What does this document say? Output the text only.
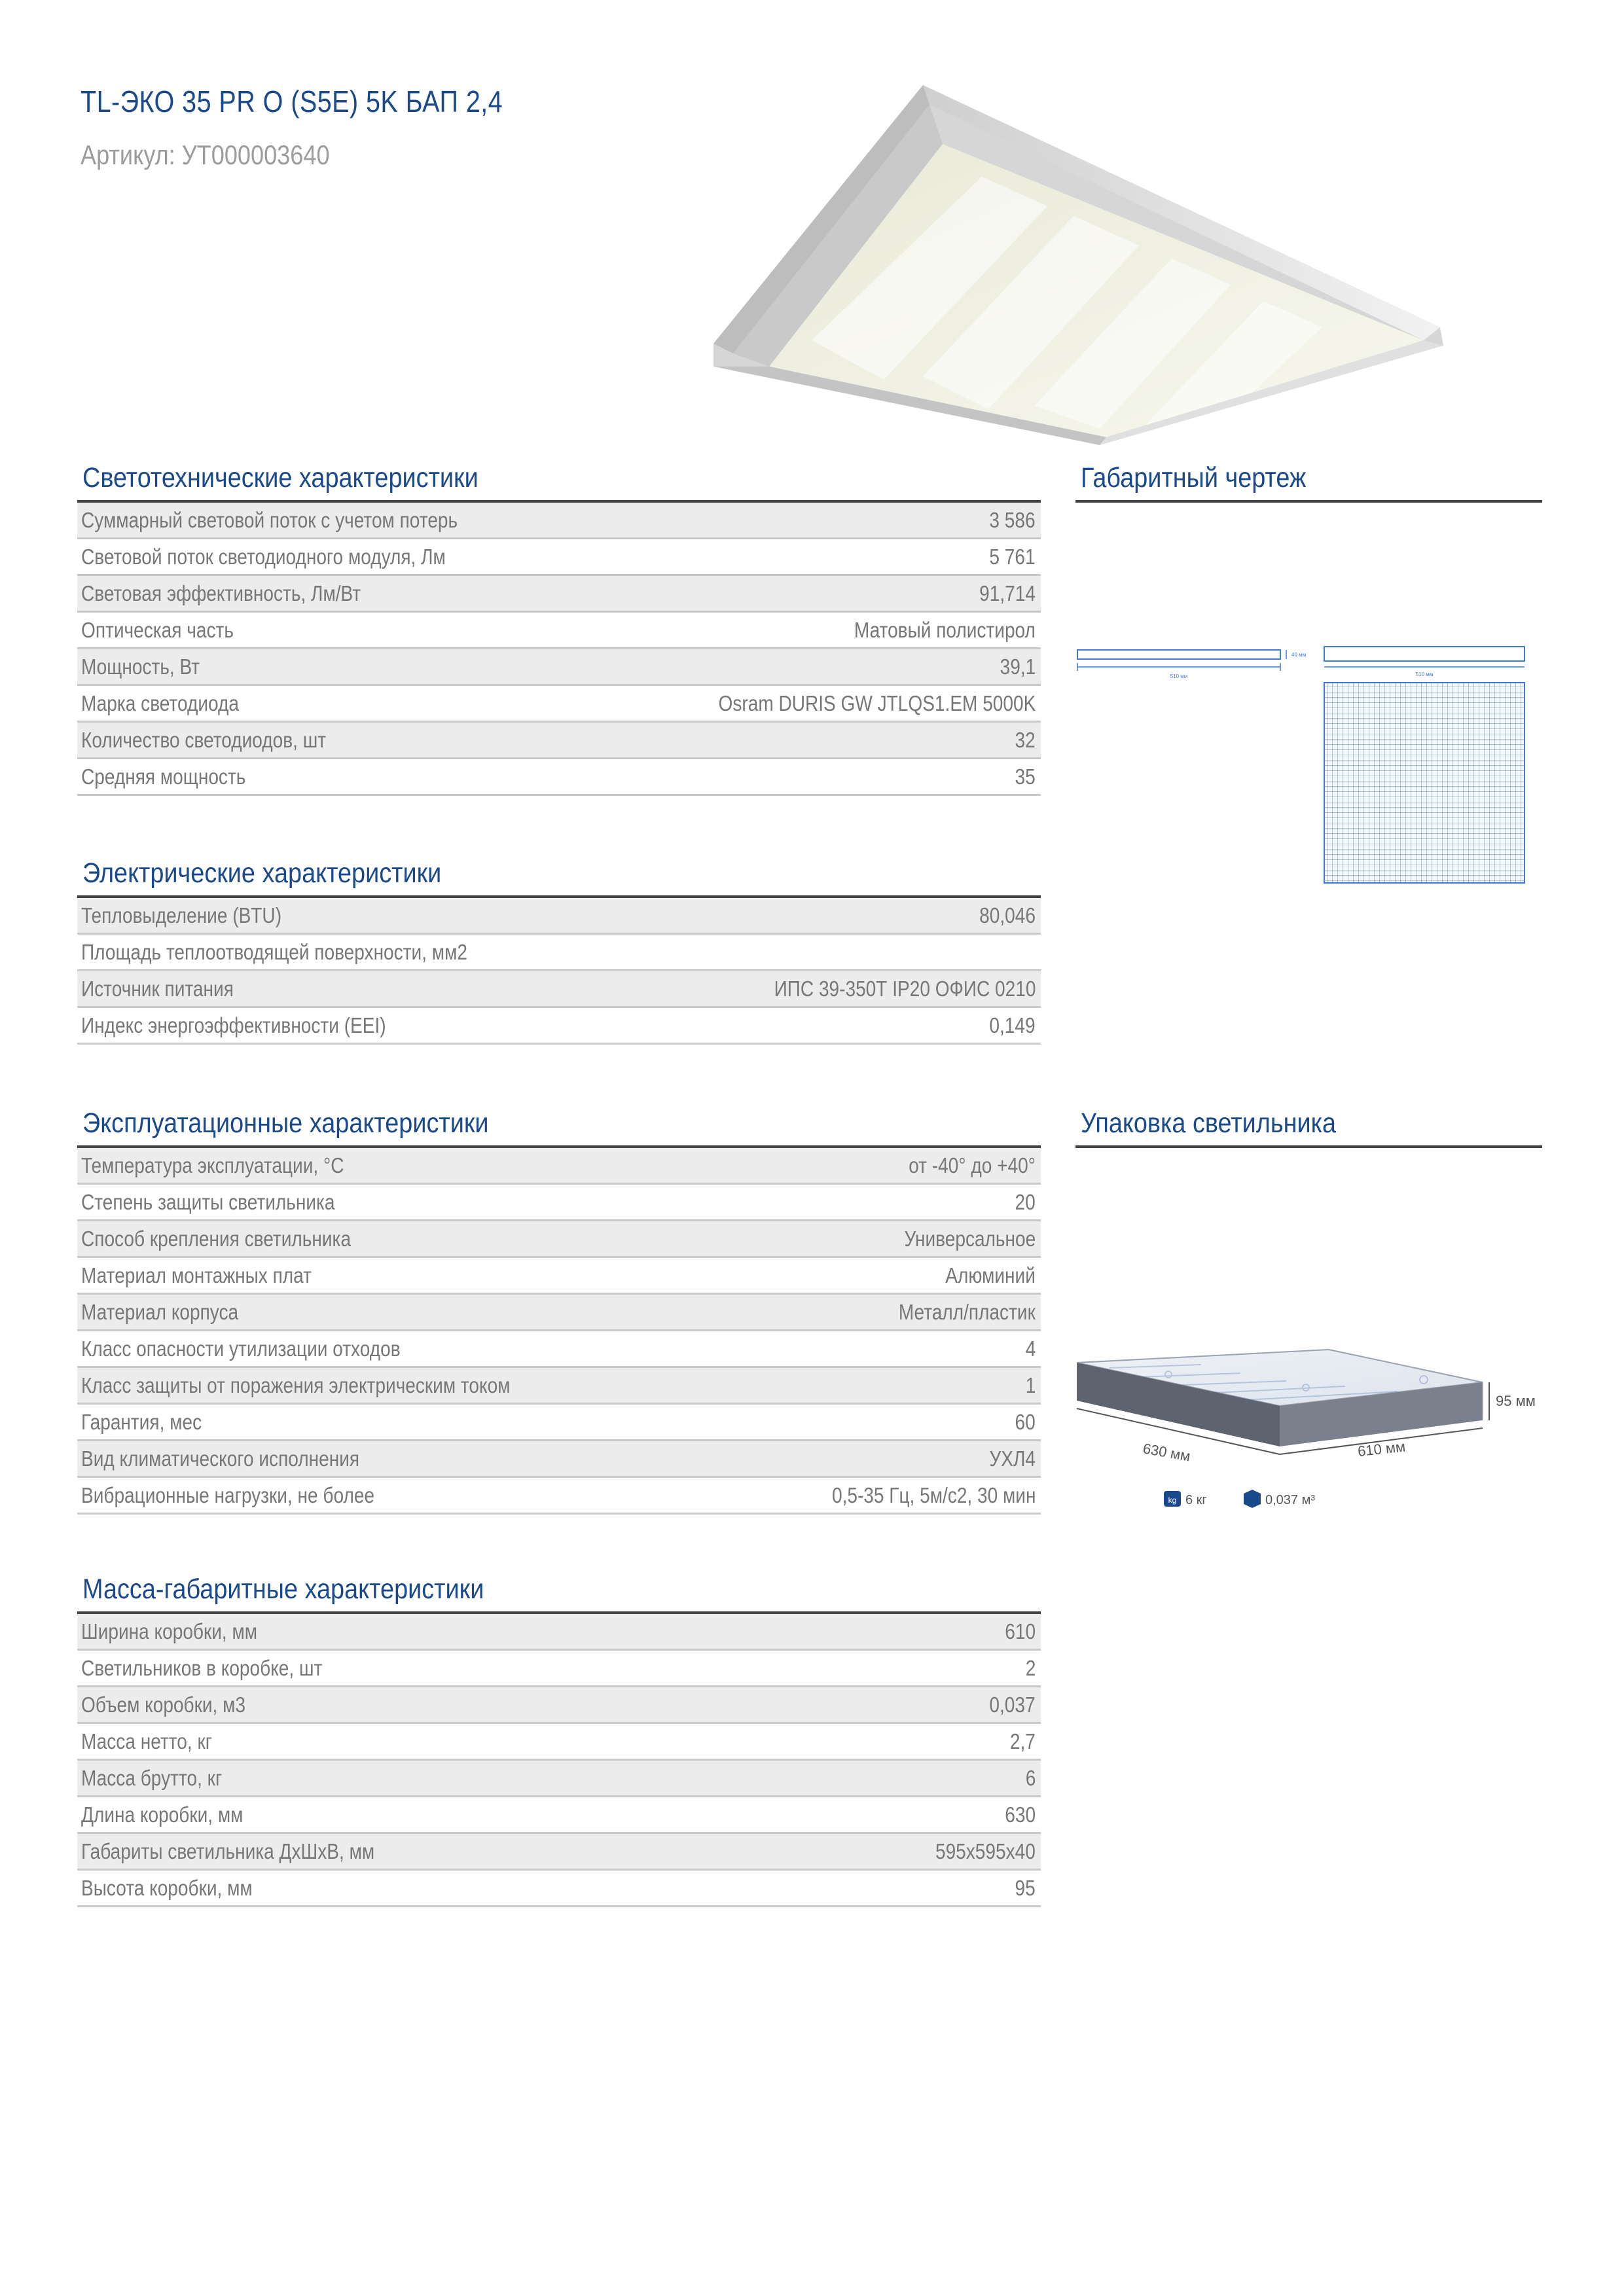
TL-ЭКО 35 PR O (S5E) 5K БАП 2,4

Артикул: УТ000003640

Светотехнические характеристики
Суммарный световой поток с учетом потерь	3 586
Световой поток светодиодного модуля, Лм	5 761
Световая эффективность, Лм/Вт	91,714
Оптическая часть	Матовый полистирол
Мощность, Вт	39,1
Марка светодиода	Osram DURIS GW JTLQS1.EM 5000K
Количество светодиодов, шт	32
Средняя мощность	35
Электрические характеристики
Тепловыделение (BTU)	80,046
Площадь теплоотводящей поверхности, мм2
Источник питания	ИПС 39-350Т IP20 ОФИС 0210
Индекс энергоэффективности (EEI)	0,149
Эксплуатационные характеристики
Температура эксплуатации, °С	от -40° до +40°
Степень защиты светильника	20
Способ крепления светильника	Универсальное
Материал монтажных плат	Алюминий
Материал корпуса	Металл/пластик
Класс опасности утилизации отходов	4
Класс защиты от поражения электрическим током	1
Гарантия, мес	60
Вид климатического исполнения	УХЛ4
Вибрационные нагрузки, не более	0,5-35 Гц, 5м/с2, 30 мин
Масса-габаритные характеристики
Ширина коробки, мм	610
Светильников в коробке, шт	2
Объем коробки, м3	0,037
Масса нетто, кг	2,7
Масса брутто, кг	6
Длина коробки, мм	630
Габариты светильника ДхШхВ, мм	595x595x40
Высота коробки, мм	95
Габаритный чертеж
510 мм
40 мм
510 мм
Упаковка светильника
95 мм
630 мм	610 мм
kg 6 кг	0,037 м³
